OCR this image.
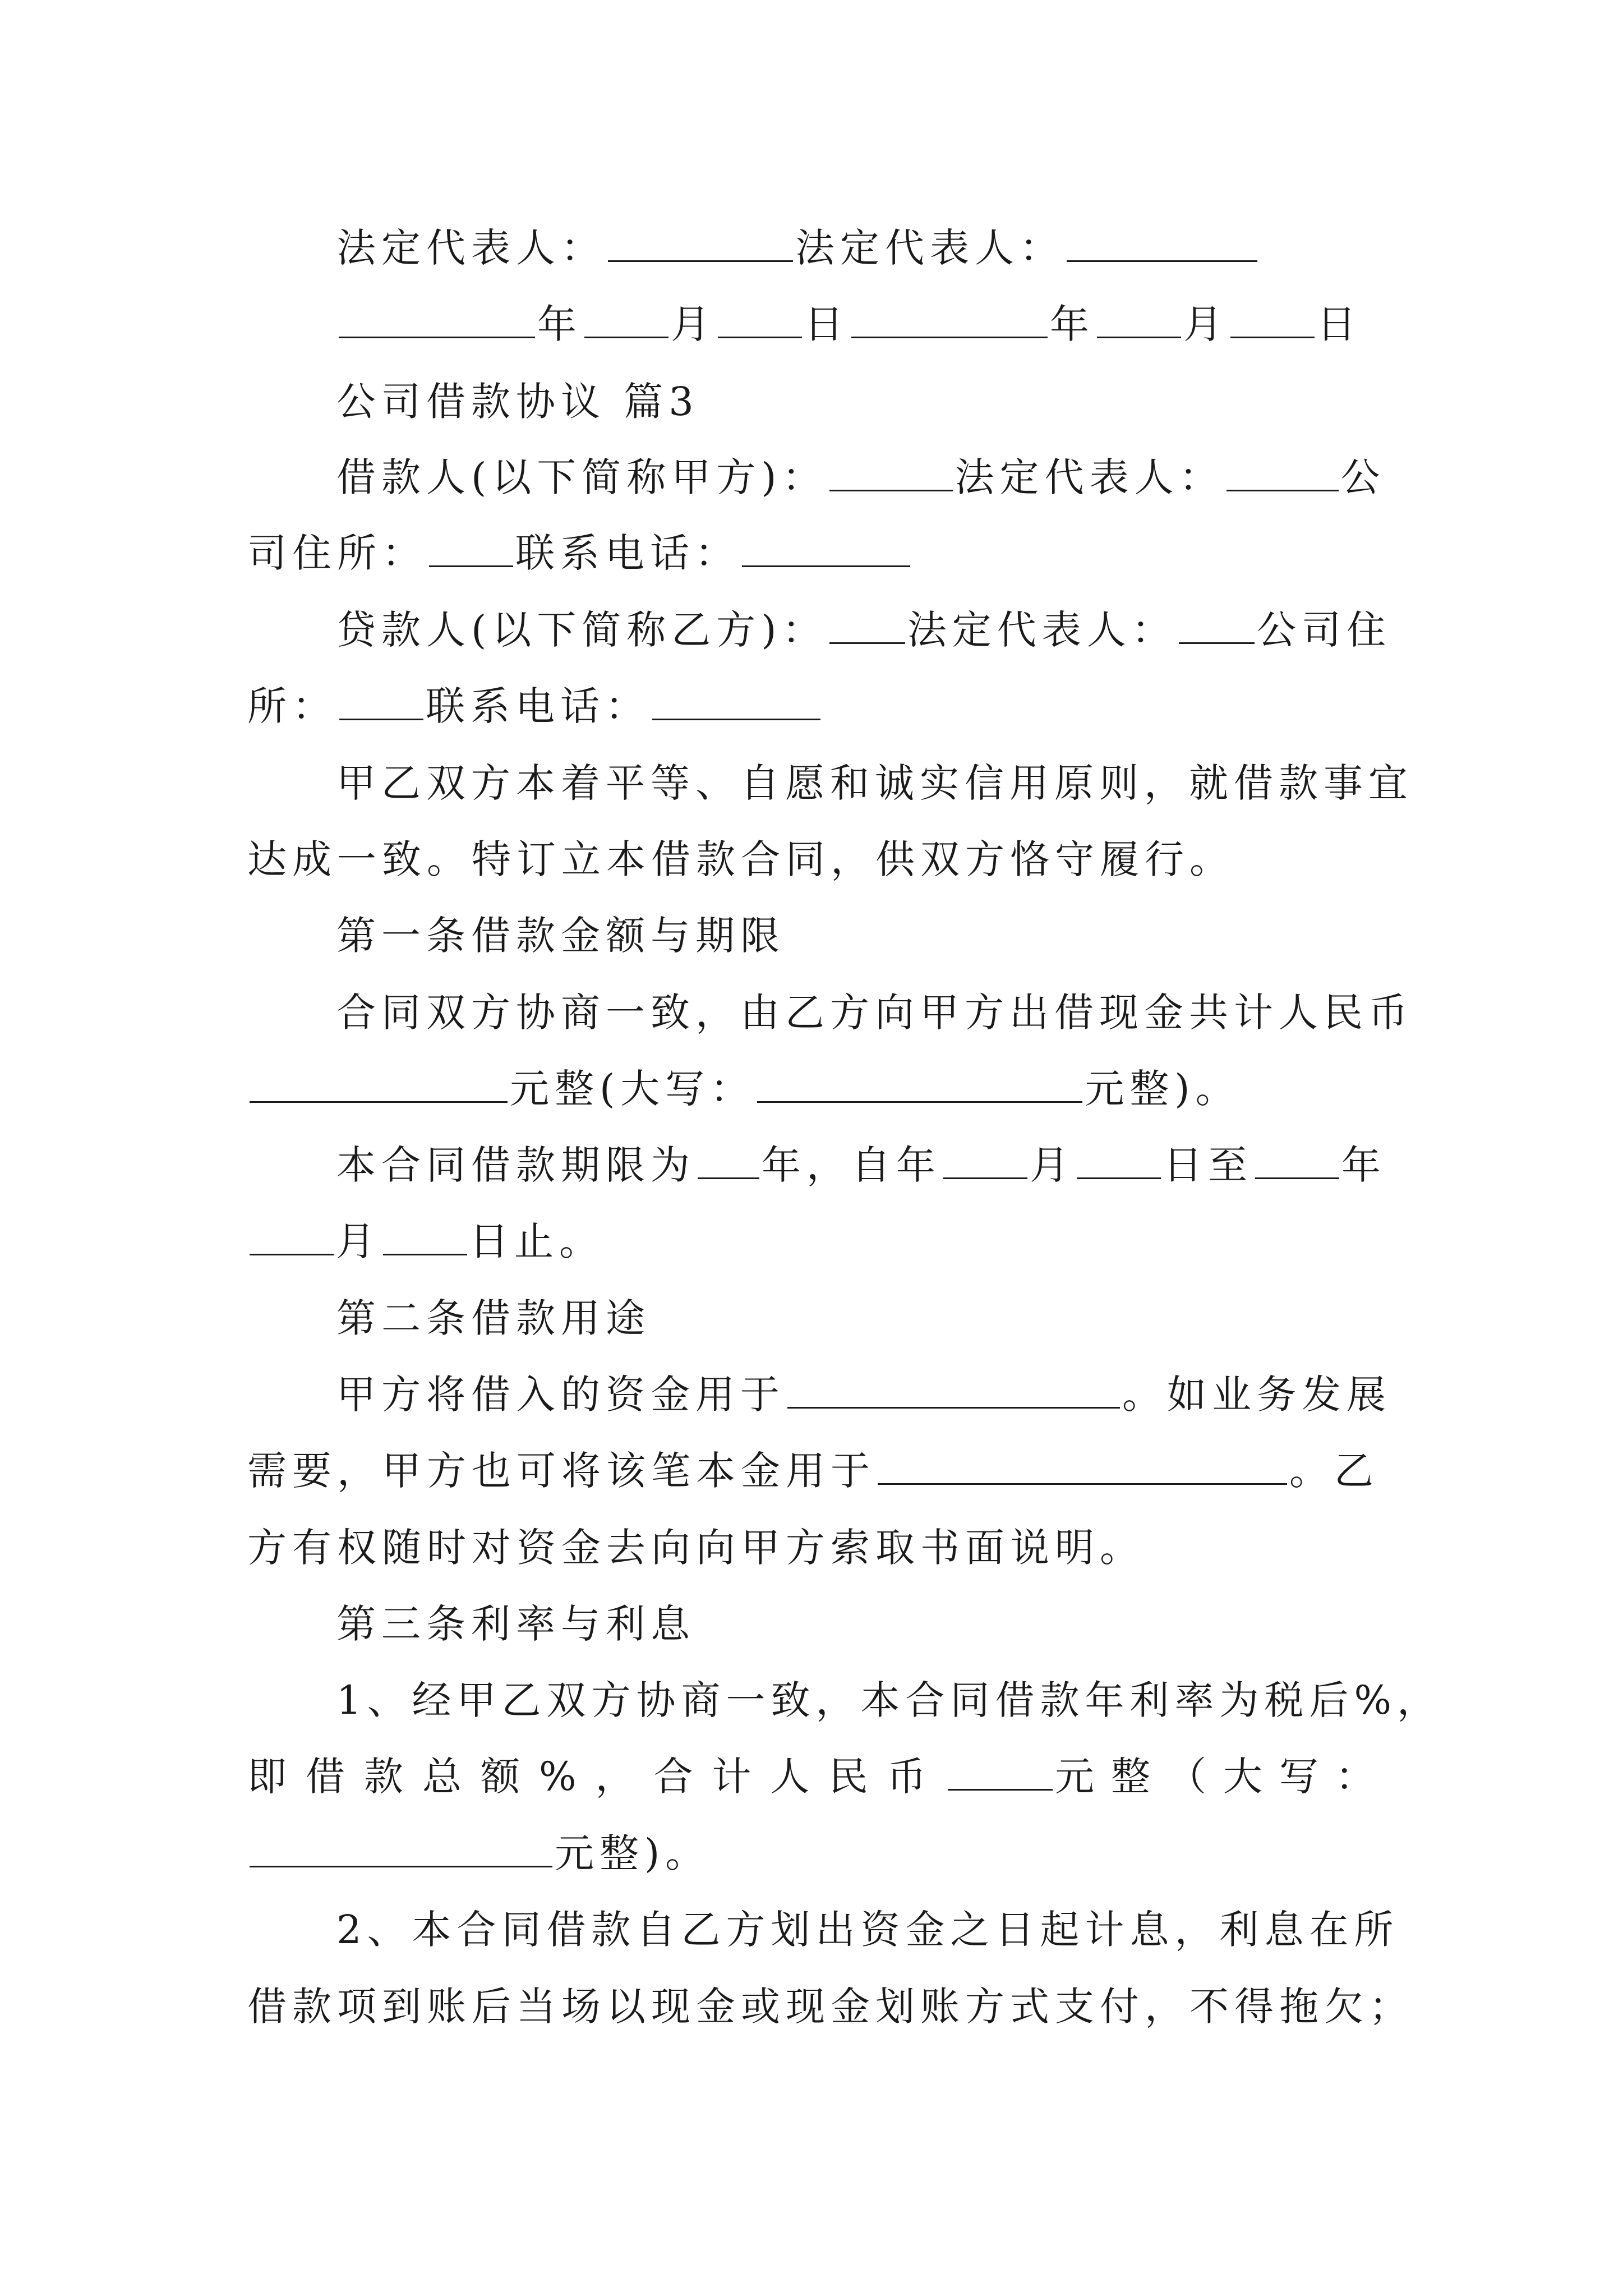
法定代表人：	法定代表人：
年 月 日	年 月 日
公司借款协议 篇3
借款人(以下简称甲方)：	法定代表人：	公
司住所： 联系电话：
贷款人(以下简称乙方)： 法定代表人： 公司住
所： 联系电话：
甲乙双方本着平等、自愿和诚实信用原则，就借款事宜
达成一致。特订立本借款合同，供双方恪守履行。
第一条借款金额与期限
合同双方协商一致，由乙方向甲方出借现金共计人民币
元整(大写：	元整)。
本合同借款期限为 年，自年 月 日至 年
月 日止。
第二条借款用途
甲方将借入的资金用于	。如业务发展
需要，甲方也可将该笔本金用于	。乙
方有权随时对资金去向向甲方索取书面说明。
第三条利率与利息
1、经甲乙双方协商一致，本合同借款年利率为税后%，
即借款总额%，合计人民币	元整（大写：
元整)。
2、本合同借款自乙方划出资金之日起计息，利息在所
借款项到账后当场以现金或现金划账方式支付，不得拖欠；
